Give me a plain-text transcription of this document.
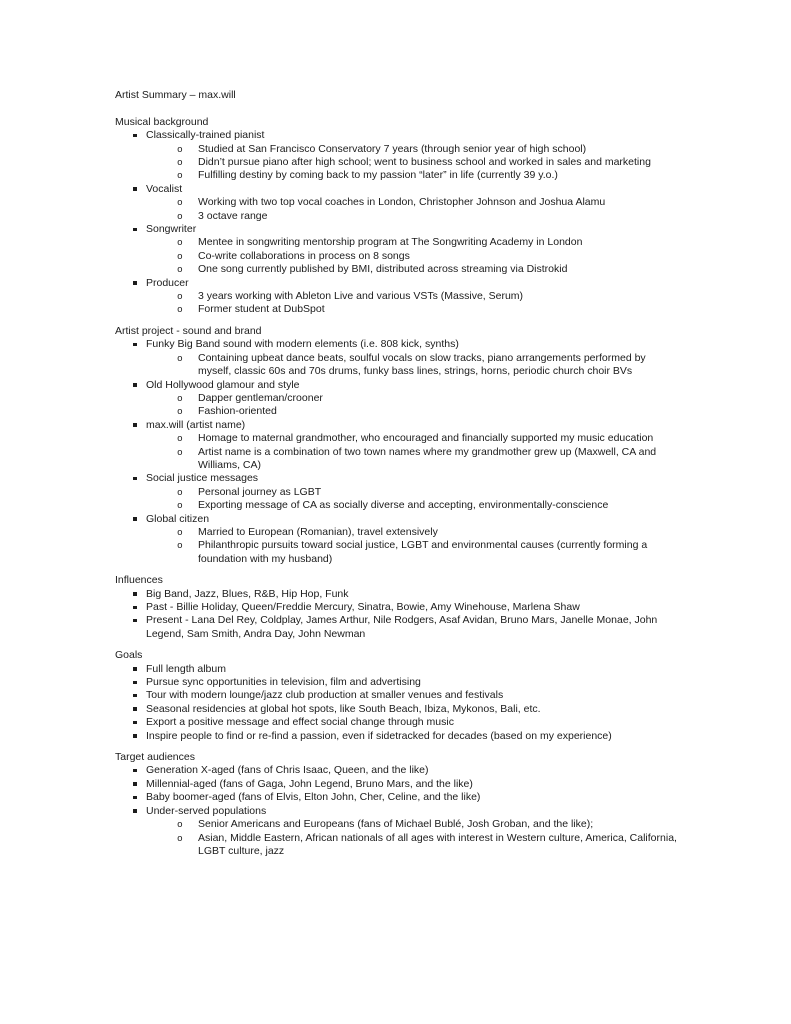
Artist Summary – max.will
Musical background
Classically-trained pianist
o Studied at San Francisco Conservatory 7 years (through senior year of high school)
o Didn’t pursue piano after high school; went to business school and worked in sales and marketing
o Fulfilling destiny by coming back to my passion “later” in life (currently 39 y.o.)
Vocalist
o Working with two top vocal coaches in London, Christopher Johnson and Joshua Alamu
o 3 octave range
Songwriter
o Mentee in songwriting mentorship program at The Songwriting Academy in London
o Co-write collaborations in process on 8 songs
o One song currently published by BMI, distributed across streaming via Distrokid
Producer
o 3 years working with Ableton Live and various VSTs (Massive, Serum)
o Former student at DubSpot
Artist project - sound and brand
Funky Big Band sound with modern elements (i.e. 808 kick, synths)
o Containing upbeat dance beats, soulful vocals on slow tracks, piano arrangements performed by myself, classic 60s and 70s drums, funky bass lines, strings, horns, periodic church choir BVs
Old Hollywood glamour and style
o Dapper gentleman/crooner
o Fashion-oriented
max.will (artist name)
o Homage to maternal grandmother, who encouraged and financially supported my music education
o Artist name is a combination of two town names where my grandmother grew up (Maxwell, CA and Williams, CA)
Social justice messages
o Personal journey as LGBT
o Exporting message of CA as socially diverse and accepting, environmentally-conscience
Global citizen
o Married to European (Romanian), travel extensively
o Philanthropic pursuits toward social justice, LGBT and environmental causes (currently forming a foundation with my husband)
Influences
Big Band, Jazz, Blues, R&B, Hip Hop, Funk
Past - Billie Holiday, Queen/Freddie Mercury, Sinatra, Bowie, Amy Winehouse, Marlena Shaw
Present - Lana Del Rey, Coldplay, James Arthur, Nile Rodgers, Asaf Avidan, Bruno Mars, Janelle Monae, John Legend, Sam Smith, Andra Day, John Newman
Goals
Full length album
Pursue sync opportunities in television, film and advertising
Tour with modern lounge/jazz club production at smaller venues and festivals
Seasonal residencies at global hot spots, like South Beach, Ibiza, Mykonos, Bali, etc.
Export a positive message and effect social change through music
Inspire people to find or re-find a passion, even if sidetracked for decades (based on my experience)
Target audiences
Generation X-aged (fans of Chris Isaac, Queen, and the like)
Millennial-aged (fans of Gaga, John Legend, Bruno Mars, and the like)
Baby boomer-aged (fans of Elvis, Elton John, Cher, Celine, and the like)
Under-served populations
o Senior Americans and Europeans (fans of Michael Bublé, Josh Groban, and the like);
o Asian, Middle Eastern, African nationals of all ages with interest in Western culture, America, California, LGBT culture, jazz
